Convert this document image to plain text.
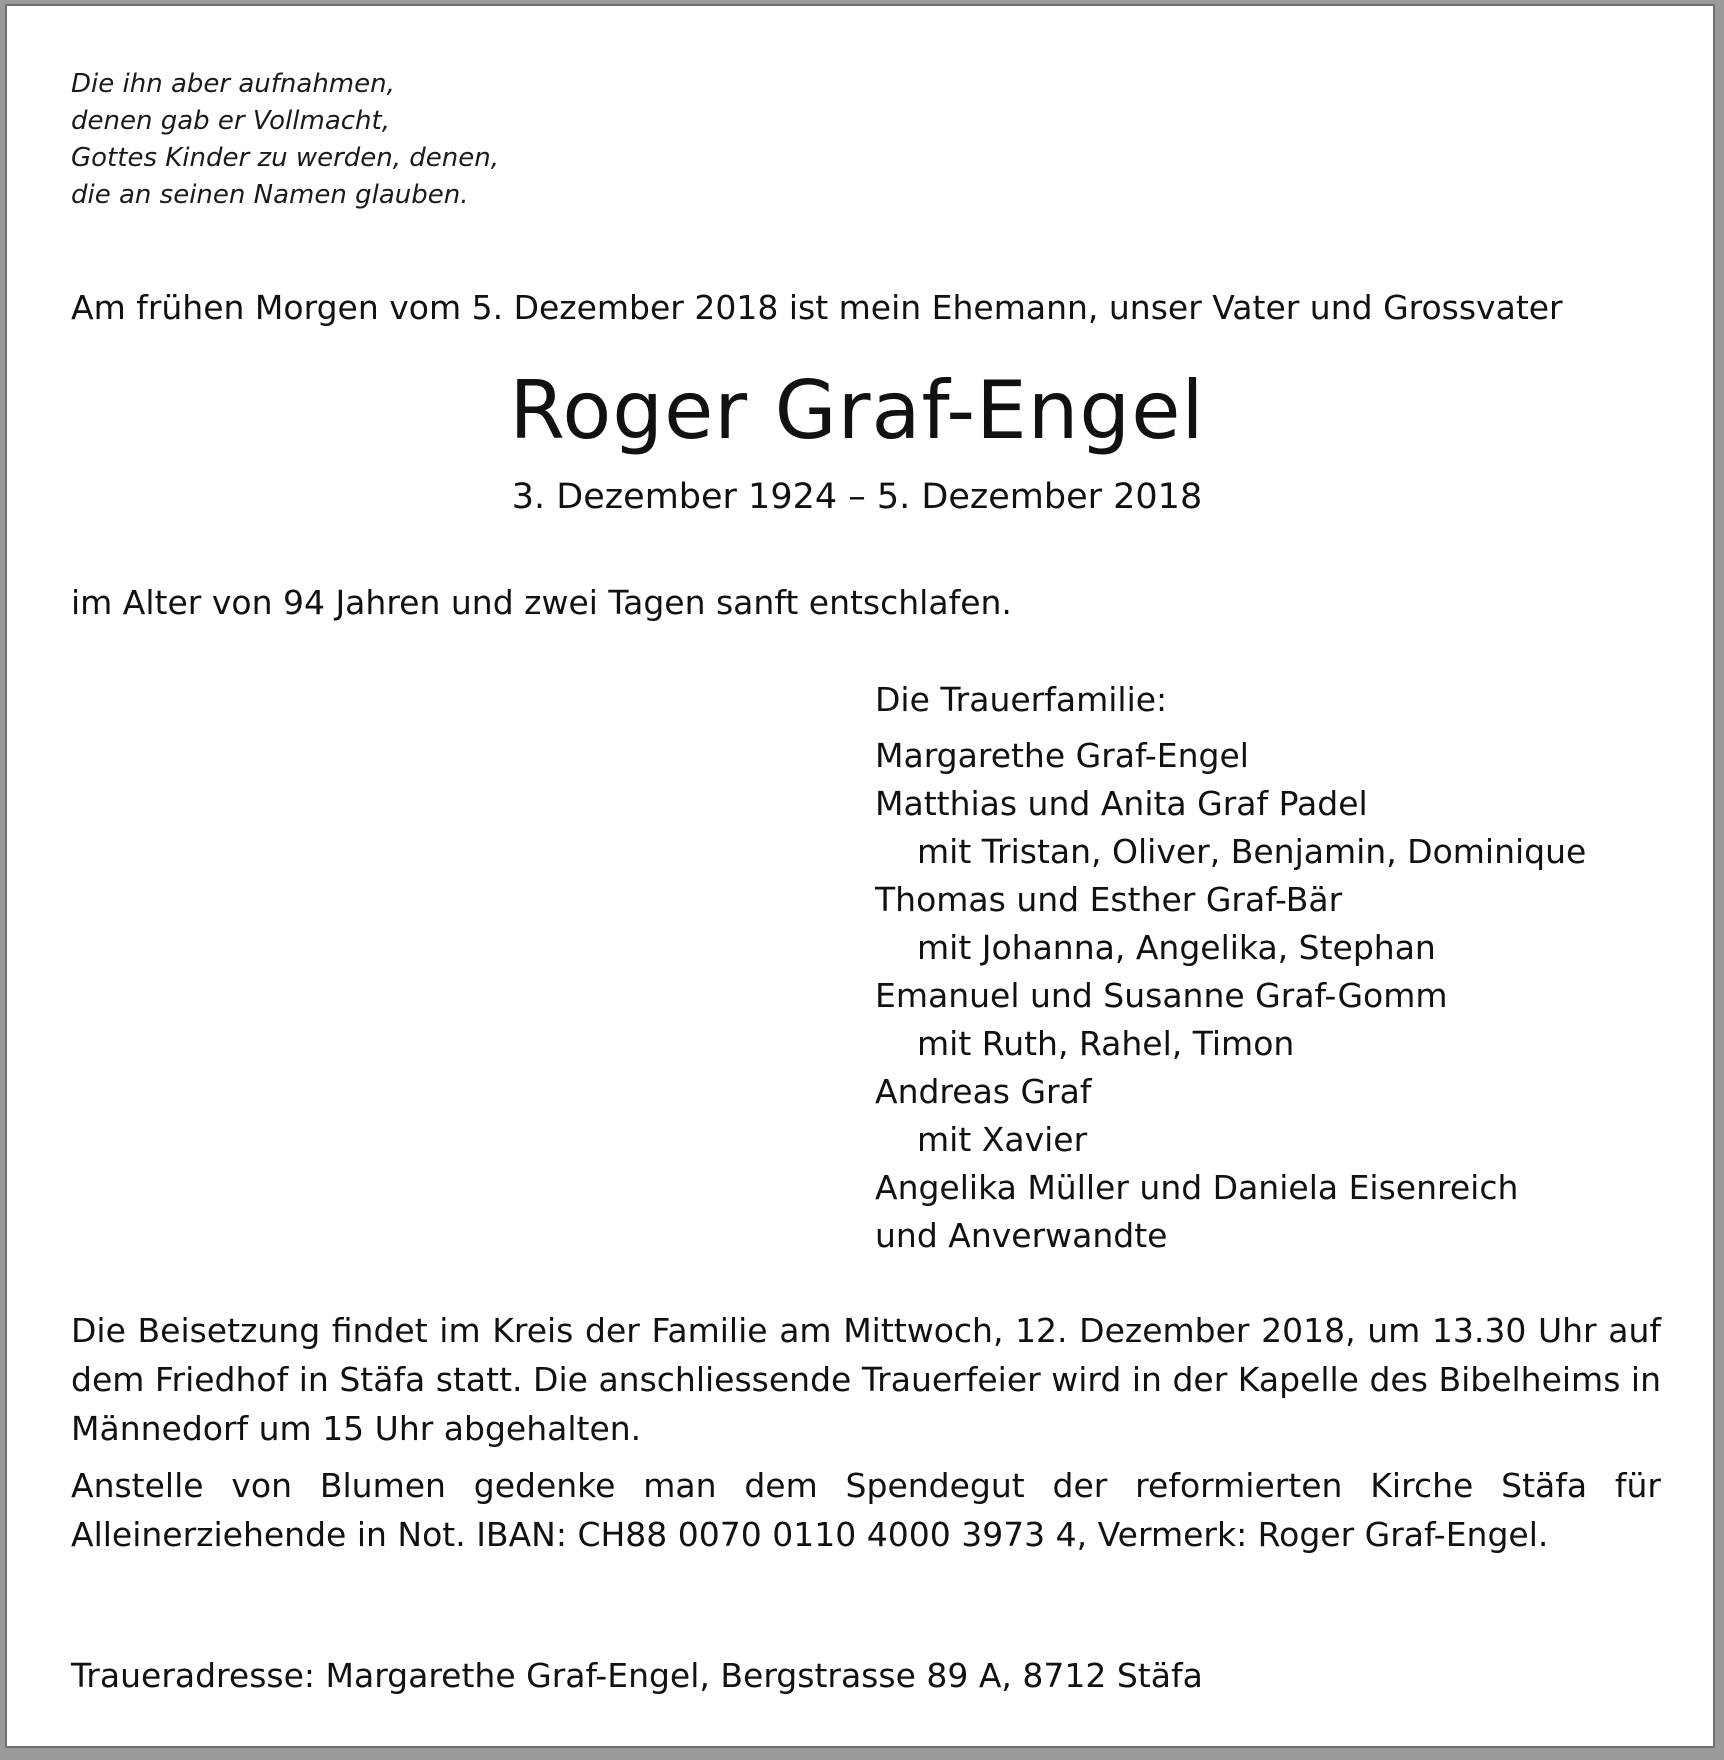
Die ihn aber aufnahmen,
denen gab er Vollmacht,
Gottes Kinder zu werden, denen,
die an seinen Namen glauben.
Am frühen Morgen vom 5. Dezember 2018 ist mein Ehemann, unser Vater und Grossvater
Roger Graf-Engel
3. Dezember 1924 – 5. Dezember 2018
im Alter von 94 Jahren und zwei Tagen sanft entschlafen.
Die Trauerfamilie:
Margarethe Graf-Engel
Matthias und Anita Graf Padel
mit Tristan, Oliver, Benjamin, Dominique
Thomas und Esther Graf-Bär
mit Johanna, Angelika, Stephan
Emanuel und Susanne Graf-Gomm
mit Ruth, Rahel, Timon
Andreas Graf
mit Xavier
Angelika Müller und Daniela Eisenreich
und Anverwandte
Die Beisetzung findet im Kreis der Familie am Mittwoch, 12. Dezember 2018, um 13.30 Uhr auf dem Friedhof in Stäfa statt. Die anschliessende Trauerfeier wird in der Kapelle des Bibelheims in Männedorf um 15 Uhr abgehalten.
Anstelle von Blumen gedenke man dem Spendegut der reformierten Kirche Stäfa für Alleinerziehende in Not. IBAN: CH88 0070 0110 4000 3973 4, Vermerk: Roger Graf-Engel.
Traueradresse: Margarethe Graf-Engel, Bergstrasse 89 A, 8712 Stäfa
